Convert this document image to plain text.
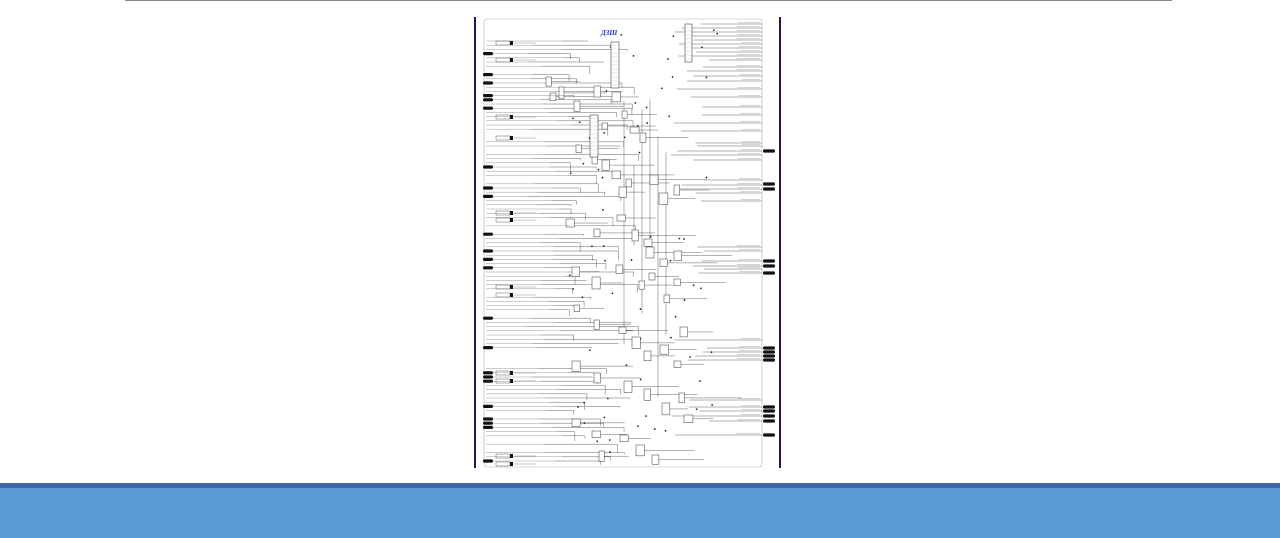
ДЗШ
